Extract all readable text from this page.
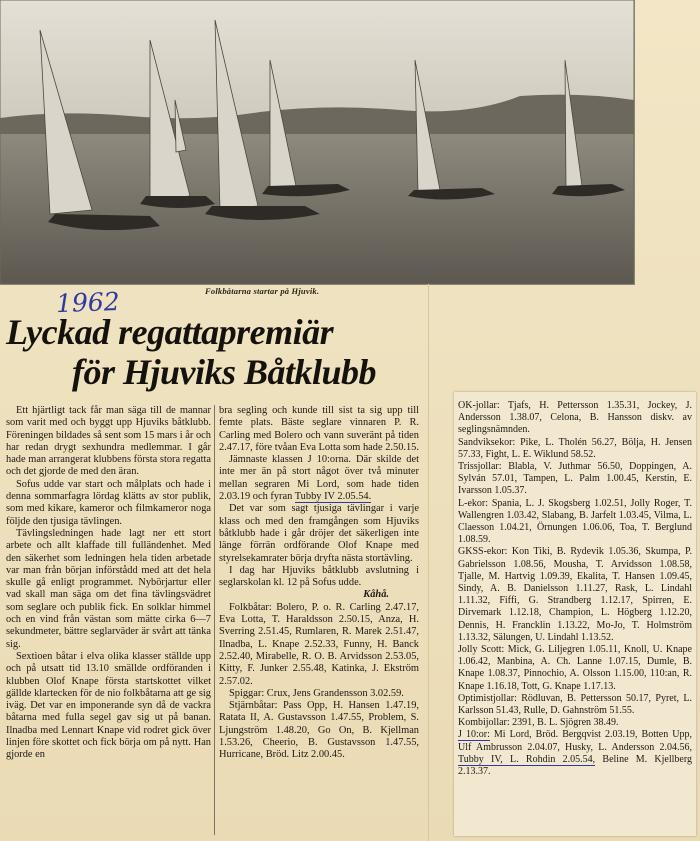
Folkbåtarna startar på Hjuvik.
1962
Lyckad regattapremiär
för Hjuviks Båtklubb

Ett hjärtligt tack får man säga till de mannar som varit med och byggt upp Hjuviks båtklubb. Föreningen bildades så sent som 15 mars i år och har redan drygt sexhundra medlemmar. I går hade man arrangerat klubbens första stora regatta och det gjorde de med den äran.

Sofus udde var start och målplats och hade i denna sommarfagra lördag klätts av stor publik, som med kikare, kameror och filmkameror noga följde den tjusiga tävlingen.

Tävlingsledningen hade lagt ner ett stort arbete och allt klaffade till fulländenhet. Med den säkerhet som ledningen hela tiden arbetade var man från början införstådd med att det hela skulle gå enligt programmet. Nybörjartur eller vad skall man säga om det fina tävlingsvädret som seglare och publik fick. En solklar himmel och en vind från västan som mätte cirka 6—7 sekundmeter, bättre seglarväder är svårt att tänka sig.

Sextioen båtar i elva olika klasser ställde upp och på utsatt tid 13.10 smällde ordföranden i klubben Olof Knape första startskottet vilket gällde klartecken för de nio folkbåtarna att ge sig iväg. Det var en imponerande syn då de vackra båtarna med fulla segel gav sig ut på banan. Ilnadba med Lennart Knape vid rodret gick över linjen före skottet och fick börja om på nytt. Han gjorde en

bra segling och kunde till sist ta sig upp till femte plats. Bäste seglare vinnaren P. R. Carling med Bolero och vann suveränt på tiden 2.47.17, före tvåan Eva Lotta som hade 2.50.15.

Jämnaste klassen J 10:orna. Där skilde det inte mer än på stort något över två minuter mellan segraren Mi Lord, som hade tiden 2.03.19 och fyran Tubby IV 2.05.54.

Det var som sagt tjusiga tävlingar i varje klass och med den framgången som Hjuviks båtklubb hade i går dröjer det säkerligen inte länge förrän ordförande Olof Knape med styrelsekamrater börja dryfta nästa stortävling.

I dag har Hjuviks båtklubb avslutning i seglarskolan kl. 12 på Sofus udde.

Kåhå.

Folkbåtar: Bolero, P. o. R. Carling 2.47.17, Eva Lotta, T. Haraldsson 2.50.15, Anza, H. Sverring 2.51.45, Rumlaren, R. Marek 2.51.47, Ilnadba, L. Knape 2.52.33, Funny, H. Banck 2.52.40, Mirabelle, R. O. B. Arvidsson 2.53.05, Kitty, F. Junker 2.55.48, Katinka, J. Ekström 2.57.02.

Spiggar: Crux, Jens Grandensson 3.02.59.

Stjärnbåtar: Pass Opp, H. Hansen 1.47.19, Ratata II, A. Gustavsson 1.47.55, Problem, S. Ljungström 1.48.20, Go On, B. Kjellman 1.53.26, Cheerio, B. Gustavsson 1.47.55, Hurricane, Bröd. Litz 2.00.45.

OK-jollar: Tjafs, H. Pettersson 1.35.31, Jockey, J. Andersson 1.38.07, Celona, B. Hansson diskv. av seglingsnämnden.

Sandviksekor: Pike, L. Tholén 56.27, Bölja, H. Jensen 57.33, Fight, L. E. Wiklund 58.52.

Trissjollar: Blabla, V. Juthmar 56.50, Doppingen, A. Sylván 57.01, Tampen, L. Palm 1.00.45, Kerstin, E. Ivarsson 1.05.37.

L-ekor: Spania, L. J. Skogsberg 1.02.51, Jolly Roger, T. Wallengren 1.03.42, Slabang, B. Jarfelt 1.03.45, Vilma, L. Claesson 1.04.21, Örnungen 1.06.06, Toa, T. Berglund 1.08.59.

GKSS-ekor: Kon Tiki, B. Rydevik 1.05.36, Skumpa, P. Gabrielsson 1.08.56, Mousha, T. Arvidsson 1.08.58, Tjalle, M. Hartvig 1.09.39, Ekalita, T. Hansen 1.09.45, Sindy, A. B. Danielsson 1.11.27, Rask, L. Lindahl 1.11.32, Fiffi, G. Strandberg 1.12.17, Spirren, E. Dirvemark 1.12.18, Champion, L. Högberg 1.12.20, Dennis, H. Francklin 1.13.22, Mo-Jo, T. Holmström 1.13.32, Sälungen, U. Lindahl 1.13.52.

Jolly Scott: Mick, G. Liljegren 1.05.11, Knoll, U. Knape 1.06.42, Manbina, A. Ch. Lanne 1.07.15, Dumle, B. Knape 1.08.37, Pinnochio, A. Olsson 1.15.00, 110:an, R. Knape 1.16.18, Tott, G. Knape 1.17.13.

Optimistjollar: Rödluvan, B. Pettersson 50.17, Pyret, L. Karlsson 51.43, Rulle, D. Gahnström 51.55.

Kombijollar: 2391, B. L. Sjögren 38.49.

J 10:or: Mi Lord, Bröd. Bergqvist 2.03.19, Botten Upp, Ulf Ambrusson 2.04.07, Husky, L. Andersson 2.04.56, Tubby IV, L. Rohdin 2.05.54, Beline M. Kjellberg 2.13.37.
